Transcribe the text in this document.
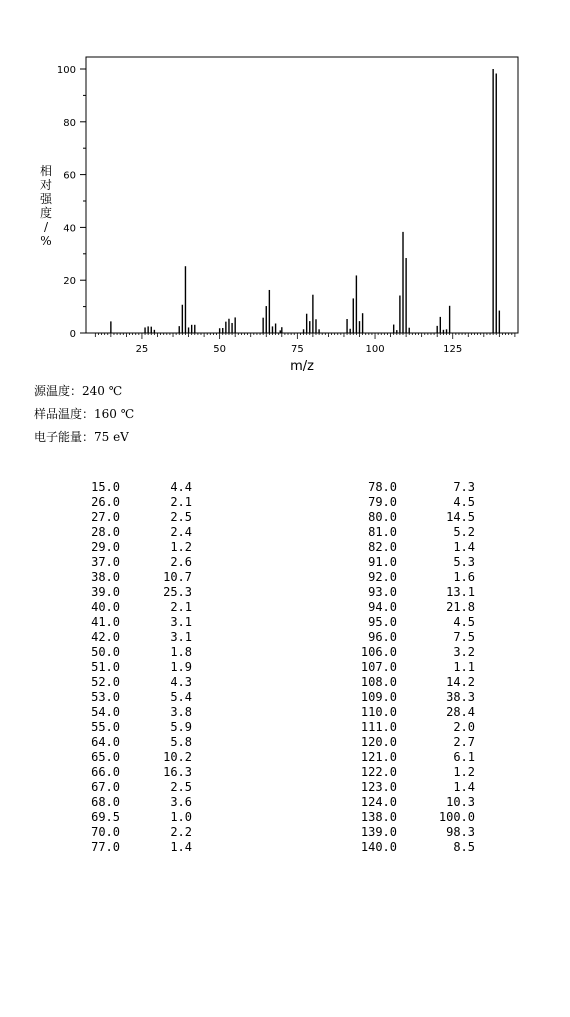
0
20
40
60
80
100
25	50	75	100	125
m/z
相对强度/ %
源温度：240 ℃
样品温度：160 ℃
电子能量：75 eV
15.0	4.4
26.0	2.1
27.0	2.5
28.0	2.4
29.0	1.2
37.0	2.6
38.0	10.7
39.0	25.3
40.0	2.1
41.0	3.1
42.0	3.1
50.0	1.8
51.0	1.9
52.0	4.3
53.0	5.4
54.0	3.8
55.0	5.9
64.0	5.8
65.0	10.2
66.0	16.3
67.0	2.5
68.0	3.6
69.5	1.0
70.0	2.2
77.0	1.4
78.0	7.3
79.0	4.5
80.0	14.5
81.0	5.2
82.0	1.4
91.0	5.3
92.0	1.6
93.0	13.1
94.0	21.8
95.0	4.5
96.0	7.5
106.0	3.2
107.0	1.1
108.0	14.2
109.0	38.3
110.0	28.4
111.0	2.0
120.0	2.7
121.0	6.1
122.0	1.2
123.0	1.4
124.0	10.3
138.0	100.0
139.0	98.3
140.0	8.5
